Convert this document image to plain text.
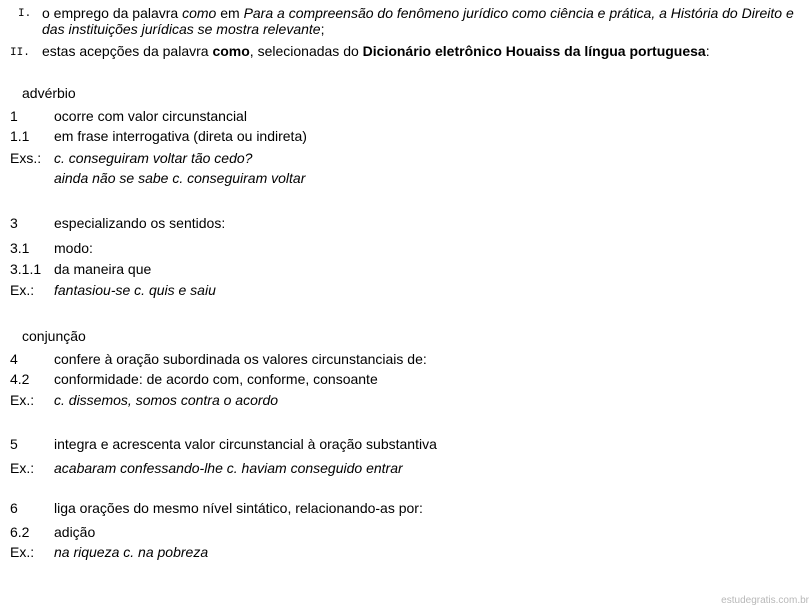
I. o emprego da palavra como em Para a compreensão do fenômeno jurídico como ciência e prática, a História do Direito e
das instituições jurídicas se mostra relevante;
II. estas acepções da palavra como, selecionadas do Dicionário eletrônico Houaiss da língua portuguesa:
advérbio
1	ocorre com valor circunstancial
1.1 em frase interrogativa (direta ou indireta)
Exs.: c. conseguiram voltar tão cedo?
ainda não se sabe c. conseguiram voltar
3	especializando os sentidos:
3.1 modo:
3.1.1 da maneira que
Ex.: fantasiou-se c. quis e saiu
conjunção
4	confere à oração subordinada os valores circunstanciais de:
4.2 conformidade: de acordo com, conforme, consoante
Ex.: c. dissemos, somos contra o acordo
5	integra e acrescenta valor circunstancial à oração substantiva
Ex.: acabaram confessando-lhe c. haviam conseguido entrar
6	liga orações do mesmo nível sintático, relacionando-as por:
6.2 adição
Ex.: na riqueza c. na pobreza
estudegratis.com.br
